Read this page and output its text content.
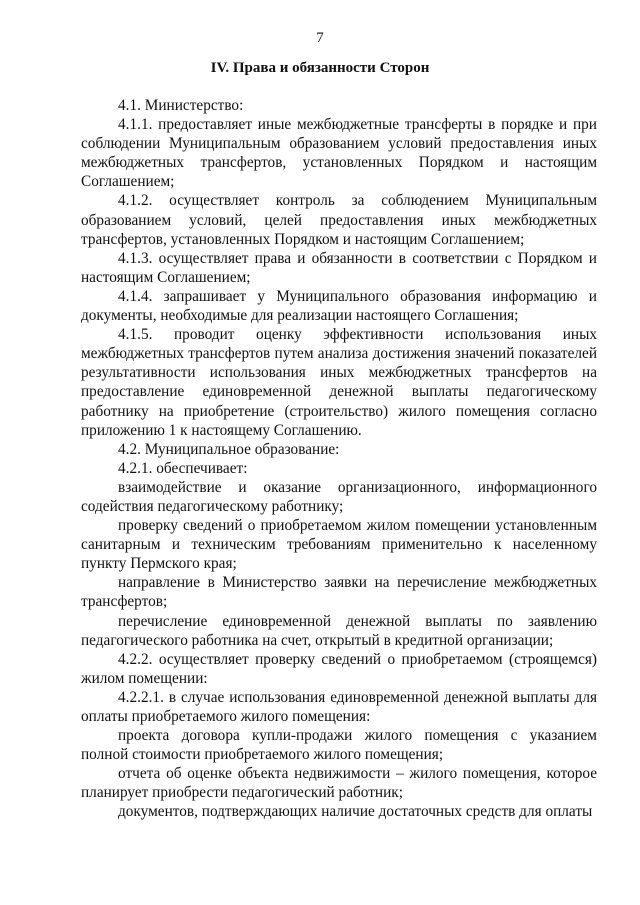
7
IV. Права и обязанности Сторон

4.1. Министерство:

4.1.1. предоставляет иные межбюджетные трансферты в порядке и при соблюдении Муниципальным образованием условий предоставления иных межбюджетных трансфертов, установленных Порядком и настоящим Соглашением;

4.1.2. осуществляет контроль за соблюдением Муниципальным образованием условий, целей предоставления иных межбюджетных трансфертов, установленных Порядком и настоящим Соглашением;

4.1.3. осуществляет права и обязанности в соответствии с Порядком и настоящим Соглашением;

4.1.4. запрашивает у Муниципального образования информацию и документы, необходимые для реализации настоящего Соглашения;

4.1.5. проводит оценку эффективности использования иных межбюджетных трансфертов путем анализа достижения значений показателей результативности использования иных межбюджетных трансфертов на предоставление единовременной денежной выплаты педагогическому работнику на приобретение (строительство) жилого помещения согласно приложению 1 к настоящему Соглашению.

4.2. Муниципальное образование:

4.2.1. обеспечивает:

взаимодействие и оказание организационного, информационного содействия педагогическому работнику;

проверку сведений о приобретаемом жилом помещении установленным санитарным и техническим требованиям применительно к населенному пункту Пермского края;

направление в Министерство заявки на перечисление межбюджетных трансфертов;

перечисление единовременной денежной выплаты по заявлению педагогического работника на счет, открытый в кредитной организации;

4.2.2. осуществляет проверку сведений о приобретаемом (строящемся) жилом помещении:

4.2.2.1. в случае использования единовременной денежной выплаты для оплаты приобретаемого жилого помещения:

проекта договора купли-продажи жилого помещения с указанием полной стоимости приобретаемого жилого помещения;

отчета об оценке объекта недвижимости – жилого помещения, которое планирует приобрести педагогический работник;

документов, подтверждающих наличие достаточных средств для оплаты
